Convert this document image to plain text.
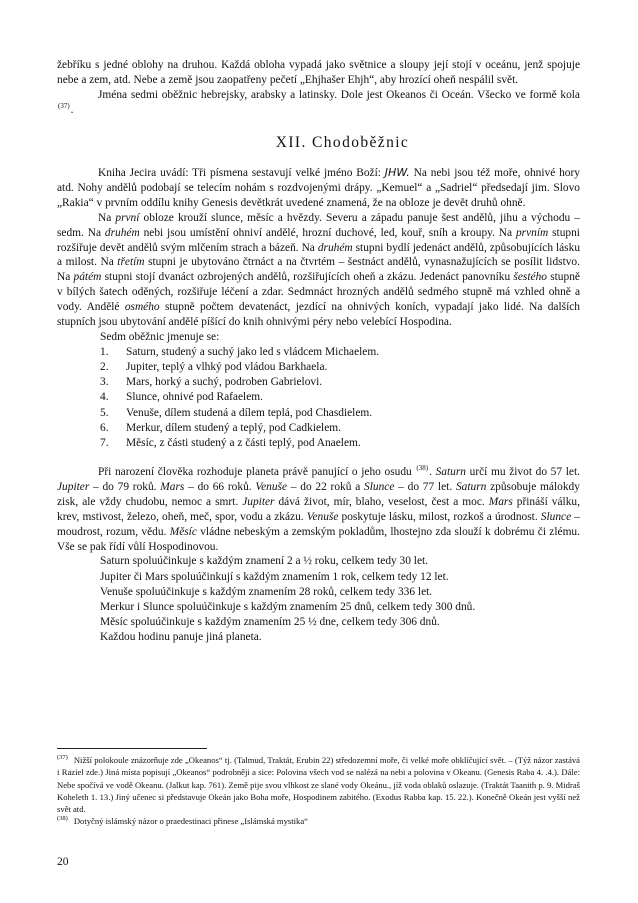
žebříku s jedné oblohy na druhou. Každá obloha vypadá jako světnice a sloupy její stojí v oceánu, jenž spojuje nebe a zem, atd. Nebe a země jsou zaopatřeny pečetí „Ehjhašer Ehjh“, aby hrozící oheň nespálil svět.

Jména sedmi oběžnic hebrejsky, arabsky a latinsky. Dole jest Okeanos či Oceán. Všecko ve formě kola $^{(37)}$.

XII. Chodoběžnic

Kniha Jecira uvádí: Tři písmena sestavují velké jméno Boží: JHW. Na nebi jsou též moře, ohnivé hory atd. Nohy andělů podobají se telecím nohám s rozdvojenými drápy. „Kemuel“ a „Sadriel“ předsedají jim. Slovo „Rakia“ v prvním oddílu knihy Genesis devětkrát uvedené znamená, že na obloze je devět druhů ohně.

Na první obloze krouží slunce, měsíc a hvězdy. Severu a západu panuje šest andělů, jihu a východu – sedm. Na druhém nebi jsou umístění ohniví andělé, hrozní duchové, led, kouř, sníh a kroupy. Na prvním stupni rozšiřuje devět andělů svým mlčením strach a bázeň. Na druhém stupni bydlí jedenáct andělů, způsobujících lásku a milost. Na třetím stupni je ubytováno čtrnáct a na čtvrtém – šestnáct andělů, vynasnažujících se posílit lidstvo. Na pátém stupni stojí dvanáct ozbrojených andělů, rozšiřujících oheň a zkázu. Jedenáct panovníku šestého stupně v bílých šatech oděných, rozšiřuje léčení a zdar. Sedmnáct hrozných andělů sedmého stupně má vzhled ohně a vody. Andělé osmého stupně počtem devatenáct, jezdící na ohnivých koních, vypadají jako lidé. Na dalších stupních jsou ubytování andělé píšící do knih ohnivými péry nebo velebící Hospodina.

Sedm oběžnic jmenuje se:

1.	Saturn, studený a suchý jako led s vládcem Michaelem.
2.	Jupiter, teplý a vlhký pod vládou Barkhaela.
3.	Mars, horký a suchý, podroben Gabrielovi.
4.	Slunce, ohnivé pod Rafaelem.
5.	Venuše, dílem studená a dílem teplá, pod Chasdielem.
6.	Merkur, dílem studený a teplý, pod Cadkielem.
7.	Měsíc, z části studený a z části teplý, pod Anaelem.

Při narození člověka rozhoduje planeta právě panující o jeho osudu $^{(38)}$. Saturn určí mu život do 57 let. Jupiter – do 79 roků. Mars – do 66 roků. Venuše – do 22 roků a Slunce – do 77 let. Saturn způsobuje málokdy zisk, ale vždy chudobu, nemoc a smrt. Jupiter dává život, mír, blaho, veselost, čest a moc. Mars přináší válku, krev, mstivost, železo, oheň, meč, spor, vodu a zkázu. Venuše poskytuje lásku, milost, rozkoš a úrodnost. Slunce – moudrost, rozum, vědu. Měsíc vládne nebeským a zemským pokladům, lhostejno zda slouží k dobrému či zlému. Vše se pak řídí vůlí Hospodinovou.

Saturn spoluúčinkuje s každým znamení 2 a ½ roku, celkem tedy 30 let.

Jupiter či Mars spoluúčinkují s každým znamením 1 rok, celkem tedy 12 let.

Venuše spoluúčinkuje s každým znamením 28 roků, celkem tedy 336 let.

Merkur i Slunce spoluúčinkuje s každým znamením 25 dnů, celkem tedy 300 dnů.

Měsíc spoluúčinkuje s každým znamením 25 ½ dne, celkem tedy 306 dnů.

Každou hodinu panuje jiná planeta.

$^{(37)}$ Nižší polokoule znázorňuje zde „Okeanos“ tj. (Talmud, Traktát, Erubin 22) středozemní moře, či velké moře obklíčující svět. – (Týž názor zastává i Raziel zde.) Jiná místa popisují „Okeanos“ podrobněji a sice: Polovina všech vod se nalézá na nebi a polovina v Okeanu. (Genesis Raba 4. .4.). Dále: Nebe spočívá ve vodě Okeanu. (Jalkut kap. 761). Země pije svou vlhkost ze slané vody Okeánu., jíž voda oblaků oslazuje. (Traktát Taanith p. 9. Midraš Koheleth 1. 13.) Jiný učenec si představuje Okeán jako Boha moře, Hospodinem zabitého. (Exodus Rabba kap. 15. 22.). Konečně Okeán jest vyšší než svět atd.

$^{(38)}$ Dotyčný islámský názor o praedestinaci přinese „Islámská mystika“

20
